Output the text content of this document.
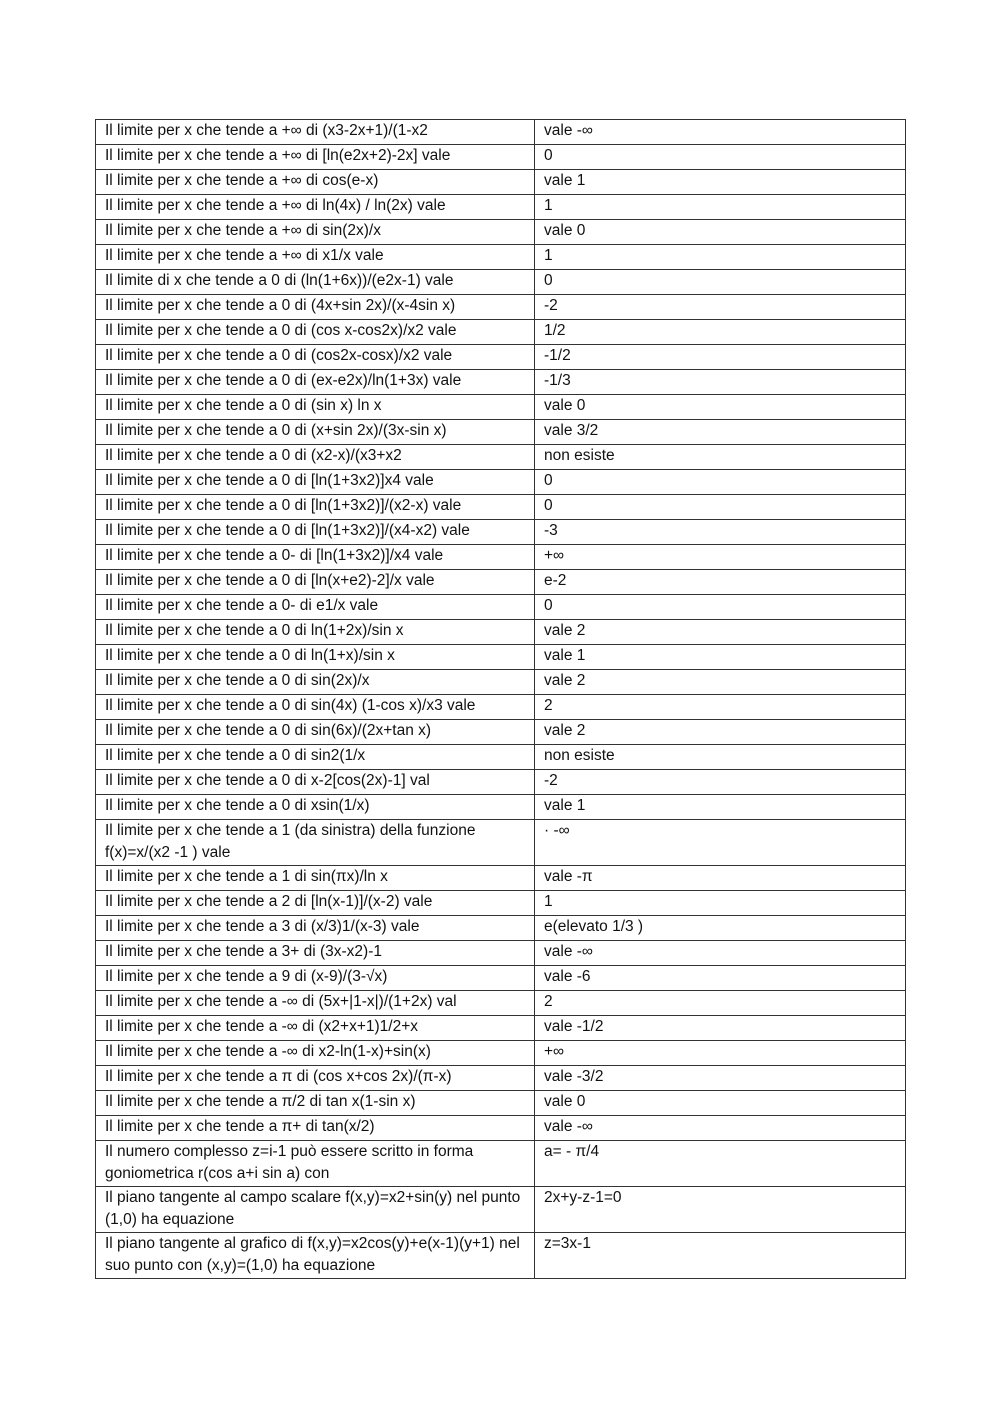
Il limite per x che tende a +∞ di (x3-2x+1)/(1-x2	vale -∞
Il limite per x che tende a +∞ di [ln(e2x+2)-2x] vale	0
Il limite per x che tende a +∞ di cos(e-x)	vale 1
Il limite per x che tende a +∞ di ln(4x) / ln(2x) vale	1
Il limite per x che tende a +∞ di sin(2x)/x	vale 0
Il limite per x che tende a +∞ di x1/x vale	1
Il limite di x che tende a 0 di (ln(1+6x))/(e2x-1) vale	0
Il limite per x che tende a 0 di (4x+sin 2x)/(x-4sin x)	-2
Il limite per x che tende a 0 di (cos x-cos2x)/x2 vale	1/2
Il limite per x che tende a 0 di (cos2x-cosx)/x2 vale	-1/2
Il limite per x che tende a 0 di (ex-e2x)/ln(1+3x) vale	-1/3
Il limite per x che tende a 0 di (sin x) ln x	vale 0
Il limite per x che tende a 0 di (x+sin 2x)/(3x-sin x)	vale 3/2
Il limite per x che tende a 0 di (x2-x)/(x3+x2	non esiste
Il limite per x che tende a 0 di [ln(1+3x2)]x4 vale	0
Il limite per x che tende a 0 di [ln(1+3x2)]/(x2-x) vale	0
Il limite per x che tende a 0 di [ln(1+3x2)]/(x4-x2) vale	-3
Il limite per x che tende a 0- di [ln(1+3x2)]/x4 vale	+∞
Il limite per x che tende a 0 di [ln(x+e2)-2]/x vale	e-2
Il limite per x che tende a 0- di e1/x vale	0
Il limite per x che tende a 0 di ln(1+2x)/sin x	vale 2
Il limite per x che tende a 0 di ln(1+x)/sin x	vale 1
Il limite per x che tende a 0 di sin(2x)/x	vale 2
Il limite per x che tende a 0 di sin(4x) (1-cos x)/x3 vale	2
Il limite per x che tende a 0 di sin(6x)/(2x+tan x)	vale 2
Il limite per x che tende a 0 di sin2(1/x	non esiste
Il limite per x che tende a 0 di x-2[cos(2x)-1] val	-2
Il limite per x che tende a 0 di xsin(1/x)	vale 1
Il limite per x che tende a 1 (da sinistra) della funzione f(x)=x/(x2 -1 ) vale	· -∞
Il limite per x che tende a 1 di sin(πx)/ln x	vale -π
Il limite per x che tende a 2 di [ln(x-1)]/(x-2) vale	1
Il limite per x che tende a 3 di (x/3)1/(x-3) vale	e(elevato 1/3 )
Il limite per x che tende a 3+ di (3x-x2)-1	vale -∞
Il limite per x che tende a 9 di (x-9)/(3-√x)	vale -6
Il limite per x che tende a -∞ di (5x+|1-x|)/(1+2x) val	2
Il limite per x che tende a -∞ di (x2+x+1)1/2+x	vale -1/2
Il limite per x che tende a -∞ di x2-ln(1-x)+sin(x)	+∞
Il limite per x che tende a π di (cos x+cos 2x)/(π-x)	vale -3/2
Il limite per x che tende a π/2 di tan x(1-sin x)	vale 0
Il limite per x che tende a π+ di tan(x/2)	vale -∞
Il numero complesso z=i-1 può essere scritto in forma goniometrica r(cos a+i sin a) con	a= - π/4
Il piano tangente al campo scalare f(x,y)=x2+sin(y) nel punto (1,0) ha equazione	2x+y-z-1=0
Il piano tangente al grafico di f(x,y)=x2cos(y)+e(x-1)(y+1) nel suo punto con (x,y)=(1,0) ha equazione	z=3x-1
